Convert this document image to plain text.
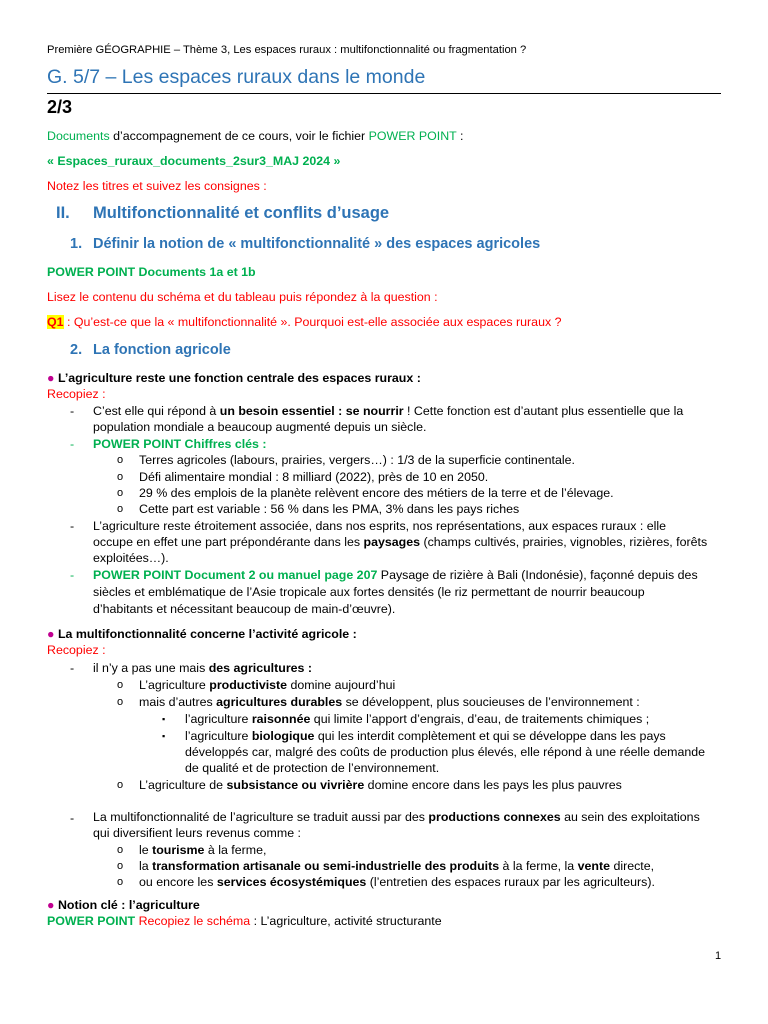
Première GÉOGRAPHIE – Thème 3, Les espaces ruraux : multifonctionnalité ou fragmentation ?
G. 5/7 – Les espaces ruraux dans le monde
2/3
Documents d’accompagnement de ce cours, voir le fichier POWER POINT :
« Espaces_ruraux_documents_2sur3_MAJ 2024 »
Notez les titres et suivez les consignes :
II. Multifonctionnalité et conflits d’usage
1. Définir la notion de « multifonctionnalité » des espaces agricoles
POWER POINT Documents 1a et 1b
Lisez le contenu du schéma et du tableau puis répondez à la question :
Q1 : Qu’est-ce que la « multifonctionnalité ». Pourquoi est-elle associée aux espaces ruraux ?
2. La fonction agricole
● L’agriculture reste une fonction centrale des espaces ruraux :
Recopiez :
- C’est elle qui répond à un besoin essentiel : se nourrir ! Cette fonction est d’autant plus essentielle que la
population mondiale a beaucoup augmenté depuis un siècle.
- POWER POINT Chiffres clés :
o Terres agricoles (labours, prairies, vergers…) : 1/3 de la superficie continentale.
o Défi alimentaire mondial : 8 milliard (2022), près de 10 en 2050.
o 29 % des emplois de la planète relèvent encore des métiers de la terre et de l’élevage.
o Cette part est variable : 56 % dans les PMA, 3% dans les pays riches
- L’agriculture reste étroitement associée, dans nos esprits, nos représentations, aux espaces ruraux : elle
occupe en effet une part prépondérante dans les paysages (champs cultivés, prairies, vignobles, rizières, forêts
exploitées…).
- POWER POINT Document 2 ou manuel page 207 Paysage de rizière à Bali (Indonésie), façonné depuis des
siècles et emblématique de l’Asie tropicale aux fortes densités (le riz permettant de nourrir beaucoup
d’habitants et nécessitant beaucoup de main-d’œuvre).
● La multifonctionnalité concerne l’activité agricole :
Recopiez :
- il n’y a pas une mais des agricultures :
o L’agriculture productiviste domine aujourd’hui
o mais d’autres agricultures durables se développent, plus soucieuses de l’environnement :
▪ l’agriculture raisonnée qui limite l’apport d’engrais, d’eau, de traitements chimiques ;
▪ l’agriculture biologique qui les interdit complètement et qui se développe dans les pays
développés car, malgré des coûts de production plus élevés, elle répond à une réelle demande
de qualité et de protection de l’environnement.
o L’agriculture de subsistance ou vivrière domine encore dans les pays les plus pauvres
- La multifonctionnalité de l’agriculture se traduit aussi par des productions connexes au sein des exploitations
qui diversifient leurs revenus comme :
o le tourisme à la ferme,
o la transformation artisanale ou semi-industrielle des produits à la ferme, la vente directe,
o ou encore les services écosystémiques (l’entretien des espaces ruraux par les agriculteurs).
● Notion clé : l’agriculture
POWER POINT Recopiez le schéma : L’agriculture, activité structurante
1
